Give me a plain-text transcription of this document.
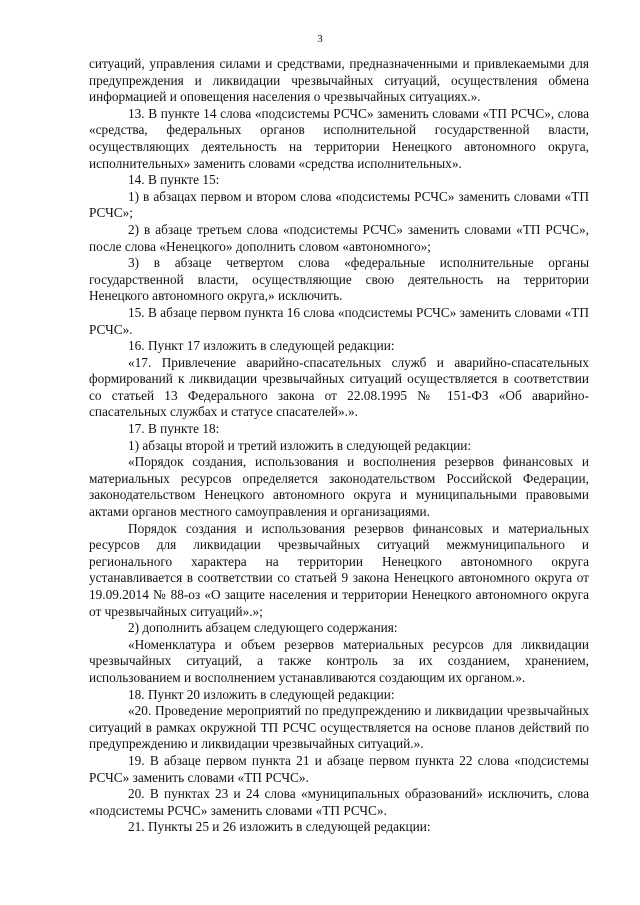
3

ситуаций, управления силами и средствами, предназначенными и привлекаемыми для предупреждения и ликвидации чрезвычайных ситуаций, осуществления обмена информацией и оповещения населения о чрезвычайных ситуациях.».

13. В пункте 14 слова «подсистемы РСЧС» заменить словами «ТП РСЧС», слова «средства, федеральных органов исполнительной государственной власти, осуществляющих деятельность на территории Ненецкого автономного округа, исполнительных» заменить словами «средства исполнительных».

14. В пункте 15:

1) в абзацах первом и втором слова «подсистемы РСЧС» заменить словами «ТП РСЧС»;

2) в абзаце третьем слова «подсистемы РСЧС» заменить словами «ТП РСЧС», после слова «Ненецкого» дополнить словом «автономного»;

3) в абзаце четвертом слова «федеральные исполнительные органы государственной власти, осуществляющие свою деятельность на территории Ненецкого автономного округа,» исключить.

15. В абзаце первом пункта 16 слова «подсистемы РСЧС» заменить словами «ТП РСЧС».

16. Пункт 17 изложить в следующей редакции:

«17. Привлечение аварийно-спасательных служб и аварийно-спасательных формирований к ликвидации чрезвычайных ситуаций осуществляется в соответствии со статьей 13 Федерального закона от 22.08.1995 № 151-ФЗ «Об аварийно-спасательных службах и статусе спасателей».».

17. В пункте 18:

1) абзацы второй и третий изложить в следующей редакции:

«Порядок создания, использования и восполнения резервов финансовых и материальных ресурсов определяется законодательством Российской Федерации, законодательством Ненецкого автономного округа и муниципальными правовыми актами органов местного самоуправления и организациями.

Порядок создания и использования резервов финансовых и материальных ресурсов для ликвидации чрезвычайных ситуаций межмуниципального и регионального характера на территории Ненецкого автономного округа устанавливается в соответствии со статьей 9 закона Ненецкого автономного округа от 19.09.2014 № 88-оз «О защите населения и территории Ненецкого автономного округа от чрезвычайных ситуаций».»;

2) дополнить абзацем следующего содержания:

«Номенклатура и объем резервов материальных ресурсов для ликвидации чрезвычайных ситуаций, а также контроль за их созданием, хранением, использованием и восполнением устанавливаются создающим их органом.».

18. Пункт 20 изложить в следующей редакции:

«20. Проведение мероприятий по предупреждению и ликвидации чрезвычайных ситуаций в рамках окружной ТП РСЧС осуществляется на основе планов действий по предупреждению и ликвидации чрезвычайных ситуаций.».

19. В абзаце первом пункта 21 и абзаце первом пункта 22 слова «подсистемы РСЧС» заменить словами «ТП РСЧС».

20. В пунктах 23 и 24 слова «муниципальных образований» исключить, слова «подсистемы РСЧС» заменить словами «ТП РСЧС».

21. Пункты 25 и 26 изложить в следующей редакции:
